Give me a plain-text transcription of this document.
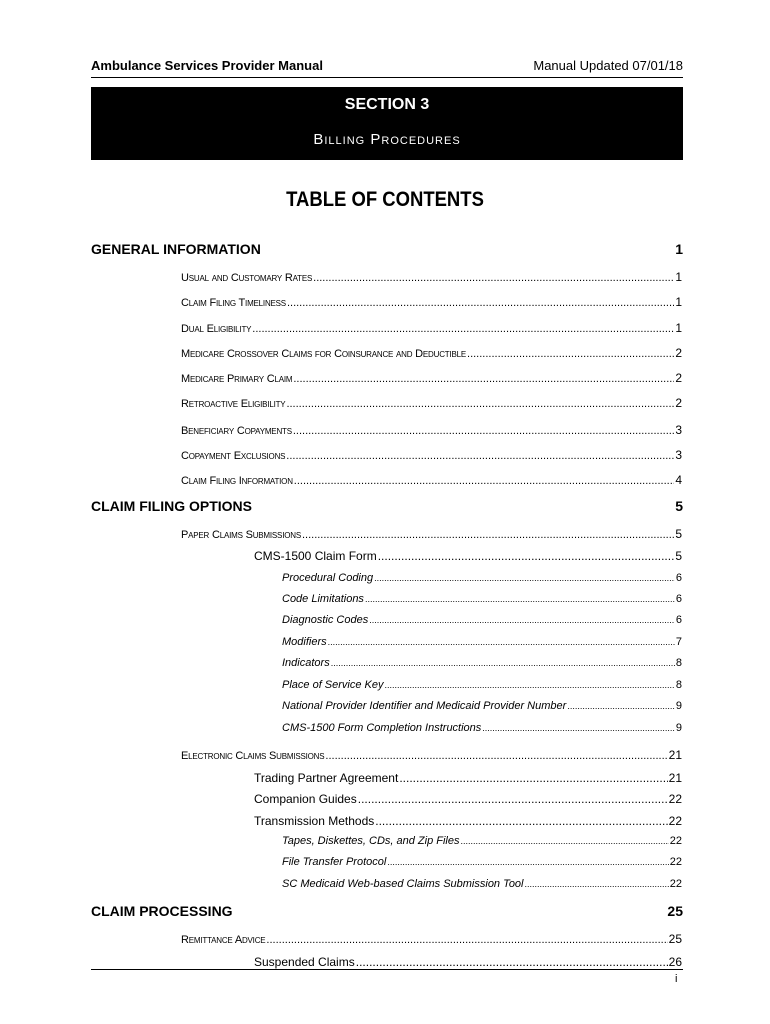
Ambulance Services Provider Manual	Manual Updated 07/01/18
SECTION 3
Billing Procedures
TABLE OF CONTENTS
GENERAL INFORMATION	1
Usual and Customary Rates .....	1
Claim Filing Timeliness .....	1
Dual Eligibility .....	1
Medicare Crossover Claims for Coinsurance and Deductible .....	2
Medicare Primary Claim .....	2
Retroactive Eligibility .....	2
Beneficiary Copayments .....	3
Copayment Exclusions .....	3
Claim Filing Information .....	4
CLAIM FILING OPTIONS	5
Paper Claims Submissions .....	5
CMS-1500 Claim Form .....	5
Procedural Coding .....	6
Code Limitations .....	6
Diagnostic Codes .....	6
Modifiers .....	7
Indicators .....	8
Place of Service Key .....	8
National Provider Identifier and Medicaid Provider Number .....	9
CMS-1500 Form Completion Instructions .....	9
Electronic Claims Submissions .....	21
Trading Partner Agreement .....	21
Companion Guides .....	22
Transmission Methods .....	22
Tapes, Diskettes, CDs, and Zip Files .....	22
File Transfer Protocol .....	22
SC Medicaid Web-based Claims Submission Tool .....	22
CLAIM PROCESSING	25
Remittance Advice .....	25
Suspended Claims .....	26
i
